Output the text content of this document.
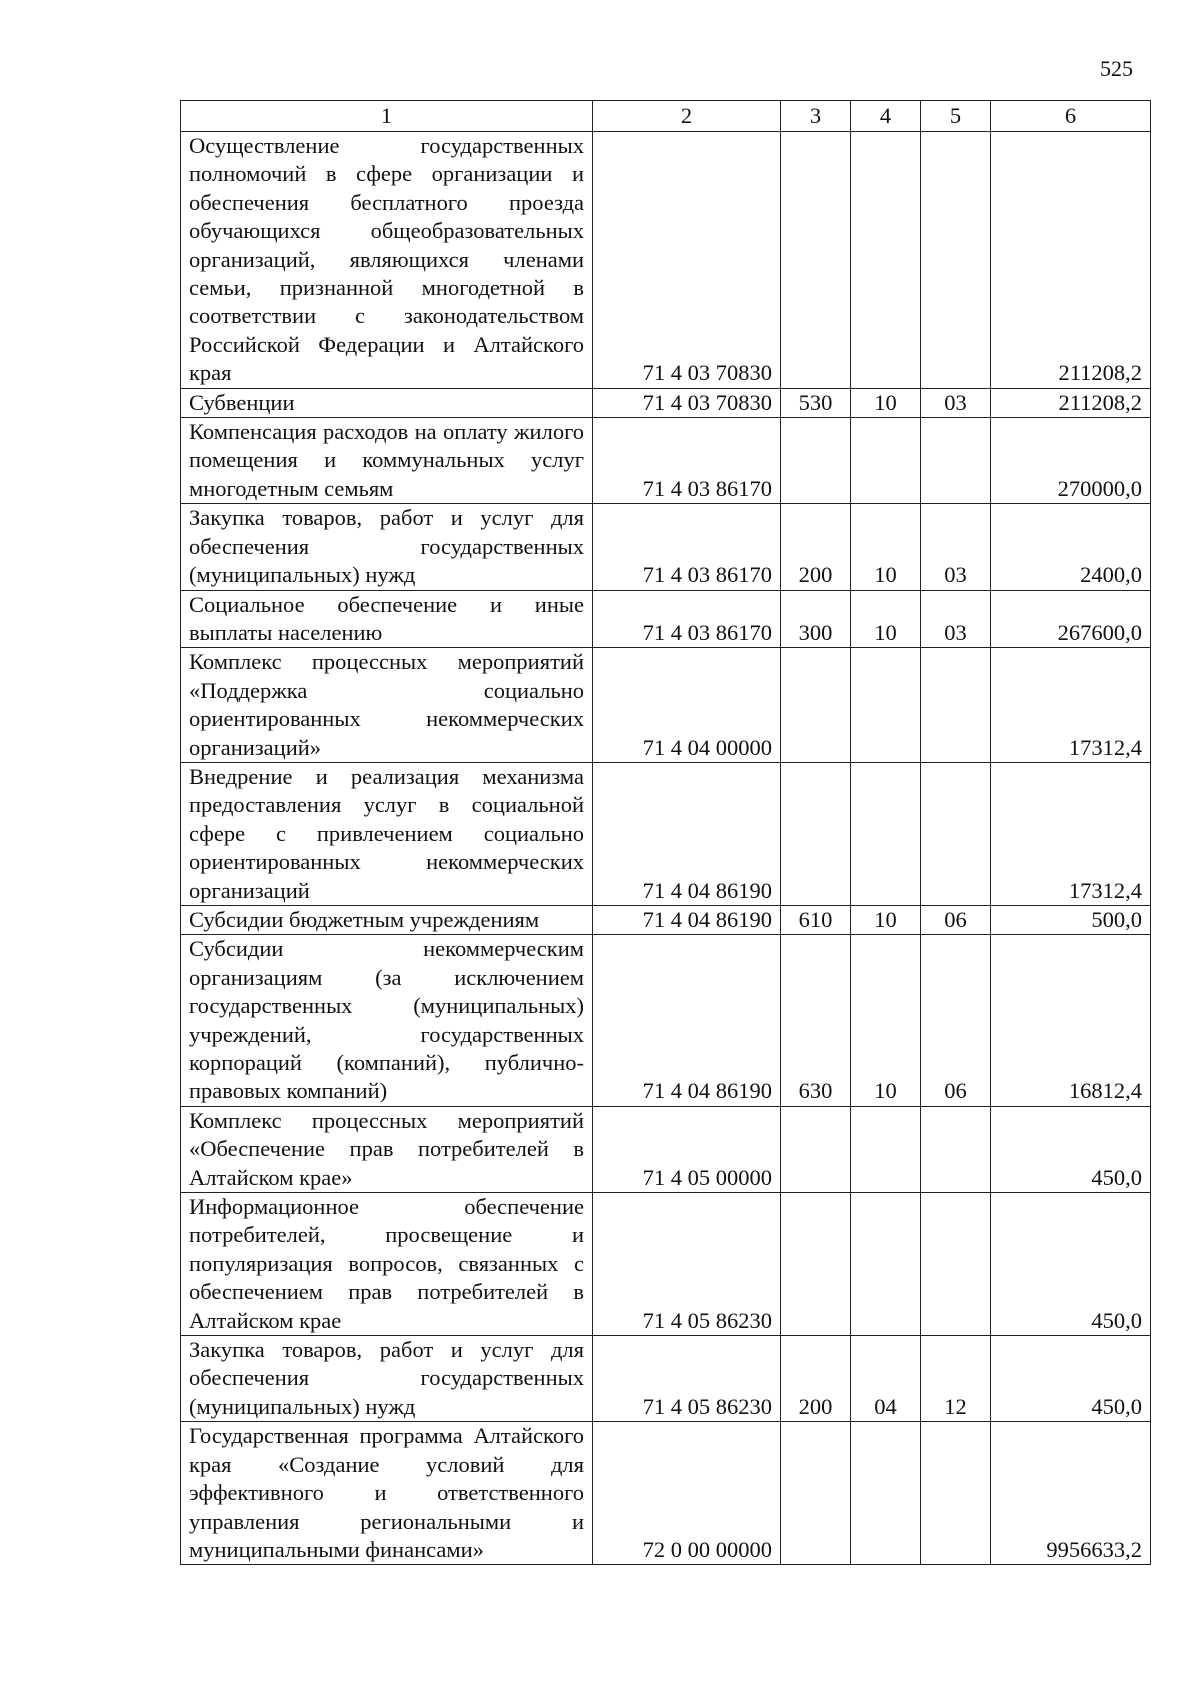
525
1	2	3	4	5	6
Осуществление государственных полномочий в сфере организации и обеспечения бесплатного проезда обучающихся общеобразовательных организаций, являющихся членами семьи, признанной многодетной в соответствии с законодательством Российской Федерации и Алтайского края	71 4 03 70830				211208,2
Субвенции	71 4 03 70830	530	10	03	211208,2
Компенсация расходов на оплату жилого помещения и коммунальных услуг многодетным семьям	71 4 03 86170				270000,0
Закупка товаров, работ и услуг для обеспечения государственных (муниципальных) нужд	71 4 03 86170	200	10	03	2400,0
Социальное обеспечение и иные выплаты населению	71 4 03 86170	300	10	03	267600,0
Комплекс процессных мероприятий «Поддержка социально ориентированных некоммерческих организаций»	71 4 04 00000				17312,4
Внедрение и реализация механизма предоставления услуг в социальной сфере с привлечением социально ориентированных некоммерческих организаций	71 4 04 86190				17312,4
Субсидии бюджетным учреждениям	71 4 04 86190	610	10	06	500,0
Субсидии некоммерческим организациям (за исключением государственных (муниципальных) учреждений, государственных корпораций (компаний), публично-правовых компаний)	71 4 04 86190	630	10	06	16812,4
Комплекс процессных мероприятий «Обеспечение прав потребителей в Алтайском крае»	71 4 05 00000				450,0
Информационное обеспечение потребителей, просвещение и популяризация вопросов, связанных с обеспечением прав потребителей в Алтайском крае	71 4 05 86230				450,0
Закупка товаров, работ и услуг для обеспечения государственных (муниципальных) нужд	71 4 05 86230	200	04	12	450,0
Государственная программа Алтайского края «Создание условий для эффективного и ответственного управления региональными и муниципальными финансами»	72 0 00 00000				9956633,2
